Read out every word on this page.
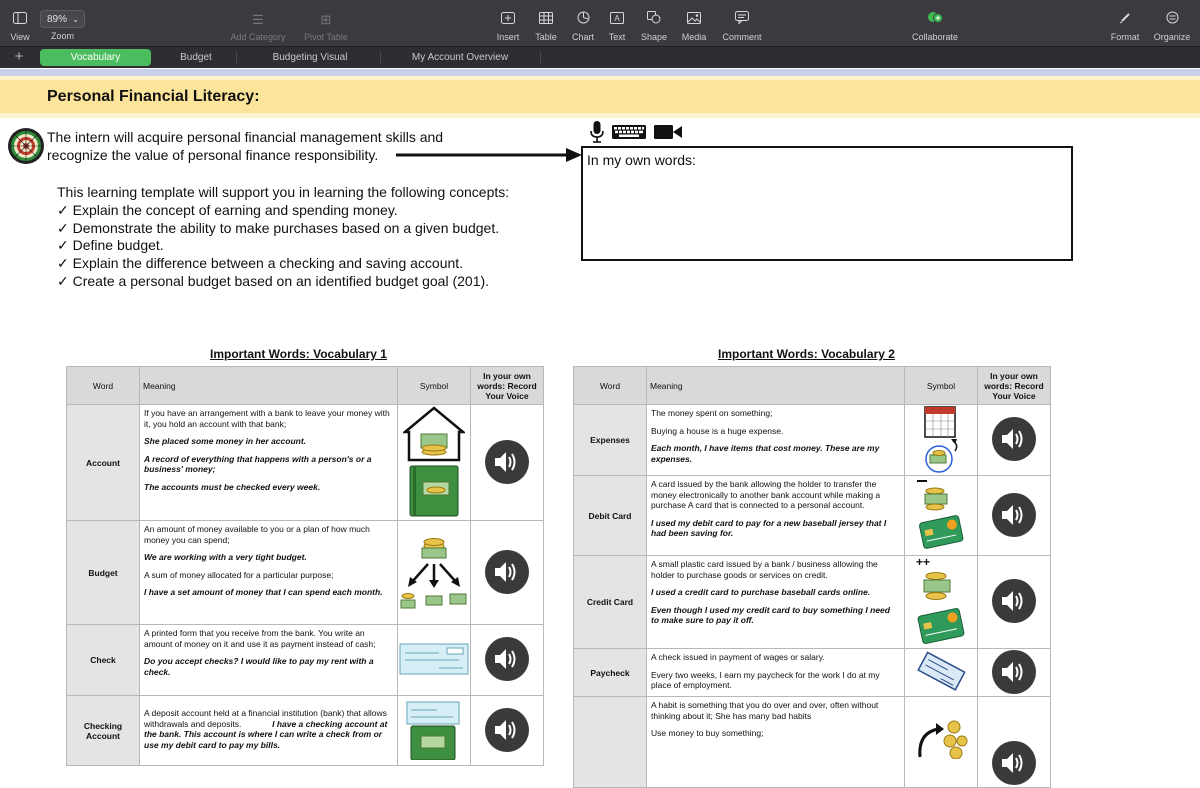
View
89% ⌄
Zoom
☰
Add Category
⊞
Pivot Table	Insert Table Chart
A
Text Shape Media Comment	Collaborate	Format Organize
+	Vocabulary	Budget	Budgeting Visual	My Account Overview
Personal Financial Literacy:
The intern will acquire personal financial management skills and
recognize the value of personal finance responsibility.	In my own words:
This learning template will support you in learning the following concepts:
✓ Explain the concept of earning and spending money.
✓ Demonstrate the ability to make purchases based on a given budget.
✓ Define budget.
✓ Explain the difference between a checking and saving account.
✓ Create a personal budget based on an identified budget goal (201).
Important Words: Vocabulary 1
Word	Meaning	Symbol	In your own words: Record Your Voice
Account	If you have an arrangement with a bank to leave your money with it, you hold an account with that bank;

She placed some money in her account.

A record of everything that happens with a person's or a business' money;

The accounts must be checked every week.

Budget	An amount of money available to you or a plan of how much money you can spend;

We are working with a very tight budget.

A sum of money allocated for a particular purpose;

I have a set amount of money that I can spend each month.

Check	A printed form that you receive from the bank. You write an amount of money on it and use it as payment instead of cash;

Do you accept checks? I would like to pay my rent with a check.

Checking
Account	A deposit account held at a financial institution (bank) that allows withdrawals and deposits. I have a checking account at the bank. This account is where I can write a check from or use my debit card to pay my bills.		
Important Words: Vocabulary 2
Word	Meaning	Symbol	In your own words: Record Your Voice
Expenses	The money spent on something;

Buying a house is a huge expense.

Each month, I have items that cost money. These are my expenses.

Debit Card	A card issued by the bank allowing the holder to transfer the money electronically to another bank account while making a purchase A card that is connected to a personal account.

I used my debit card to pay for a new baseball jersey that I had been saving for.

Credit Card	A small plastic card issued by a bank / business allowing the holder to purchase goods or services on credit.

I used a credit card to purchase baseball cards online.

Even though I used my credit card to buy something I need to make sure to pay it off.	++

Paycheck	A check issued in payment of wages or salary.

Every two weeks, I earn my paycheck for the work I do at my place of employment.

	A habit is something that you do over and over, often without thinking about it; She has many bad habits

Use money to buy something;
